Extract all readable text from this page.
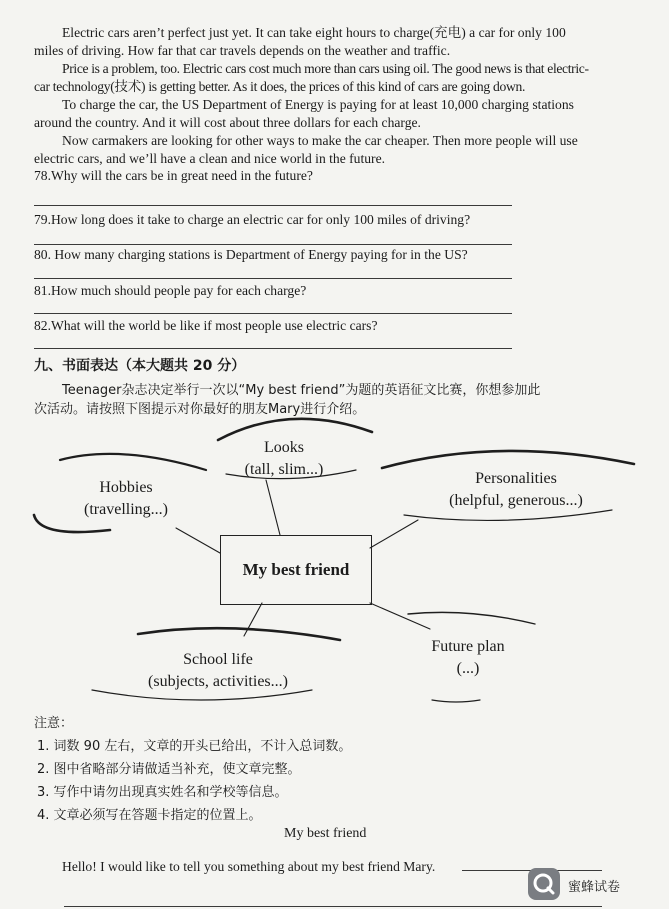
Electric cars aren’t perfect just yet. It can take eight hours to charge(充电) a car for only 100
miles of driving. How far that car travels depends on the weather and traffic.
Price is a problem, too. Electric cars cost much more than cars using oil. The good news is that electric-
car technology(技术) is getting better. As it does, the prices of this kind of cars are going down.
To charge the car, the US Department of Energy is paying for at least 10,000 charging stations
around the country. And it will cost about three dollars for each charge.
Now carmakers are looking for other ways to make the car cheaper. Then more people will use
electric cars, and we’ll have a clean and nice world in the future.
78.Why will the cars be in great need in the future?
79.How long does it take to charge an electric car for only 100 miles of driving?
80. How many charging stations is Department of Energy paying for in the US?
81.How much should people pay for each charge?
82.What will the world be like if most people use electric cars?
九、书面表达（本大题共 20 分）
Teenager杂志决定举行一次以“My best friend”为题的英语征文比赛，你想参加此
次活动。请按照下图提示对你最好的朋友Mary进行介绍。
Looks
(tall, slim...)
Hobbies
(travelling...)
Personalities
(helpful, generous...)
My best friend
School life
(subjects, activities...)
Future plan
(...)
注意：
1. 词数 90 左右，文章的开头已给出，不计入总词数。
2. 图中省略部分请做适当补充，使文章完整。
3. 写作中请勿出现真实姓名和学校等信息。
4. 文章必须写在答题卡指定的位置上。
My best friend
Hello! I would like to tell you something about my best friend Mary.
蜜蜂试卷
